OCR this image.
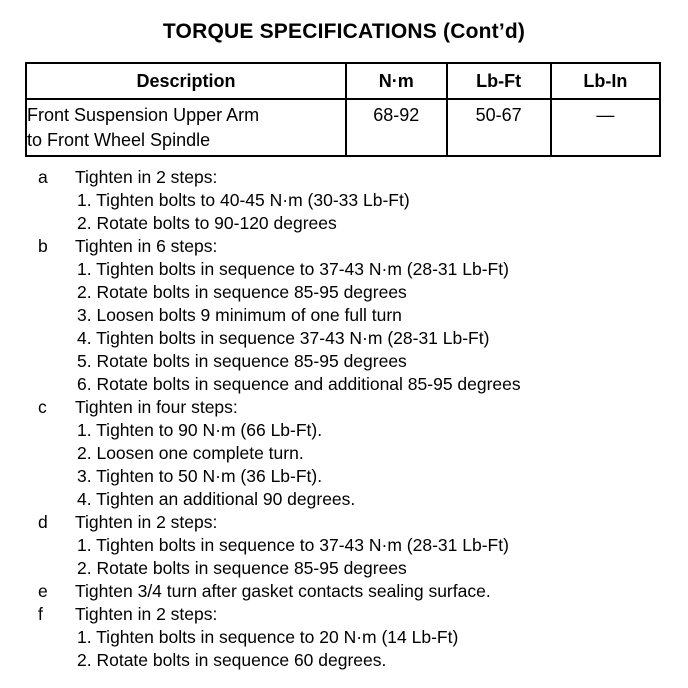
TORQUE SPECIFICATIONS (Cont’d)
Description	N·m	Lb-Ft	Lb-In

Front Suspension Upper Arm
to Front Wheel Spindle	68-92	50-67	—
a Tighten in 2 steps:
1. Tighten bolts to 40-45 N·m (30-33 Lb-Ft)
2. Rotate bolts to 90-120 degrees
b Tighten in 6 steps:
1. Tighten bolts in sequence to 37-43 N·m (28-31 Lb-Ft)
2. Rotate bolts in sequence 85-95 degrees
3. Loosen bolts 9 minimum of one full turn
4. Tighten bolts in sequence 37-43 N·m (28-31 Lb-Ft)
5. Rotate bolts in sequence 85-95 degrees
6. Rotate bolts in sequence and additional 85-95 degrees
c Tighten in four steps:
1. Tighten to 90 N·m (66 Lb-Ft).
2. Loosen one complete turn.
3. Tighten to 50 N·m (36 Lb-Ft).
4. Tighten an additional 90 degrees.
d Tighten in 2 steps:
1. Tighten bolts in sequence to 37-43 N·m (28-31 Lb-Ft)
2. Rotate bolts in sequence 85-95 degrees
e Tighten 3/4 turn after gasket contacts sealing surface.
f Tighten in 2 steps:
1. Tighten bolts in sequence to 20 N·m (14 Lb-Ft)
2. Rotate bolts in sequence 60 degrees.
